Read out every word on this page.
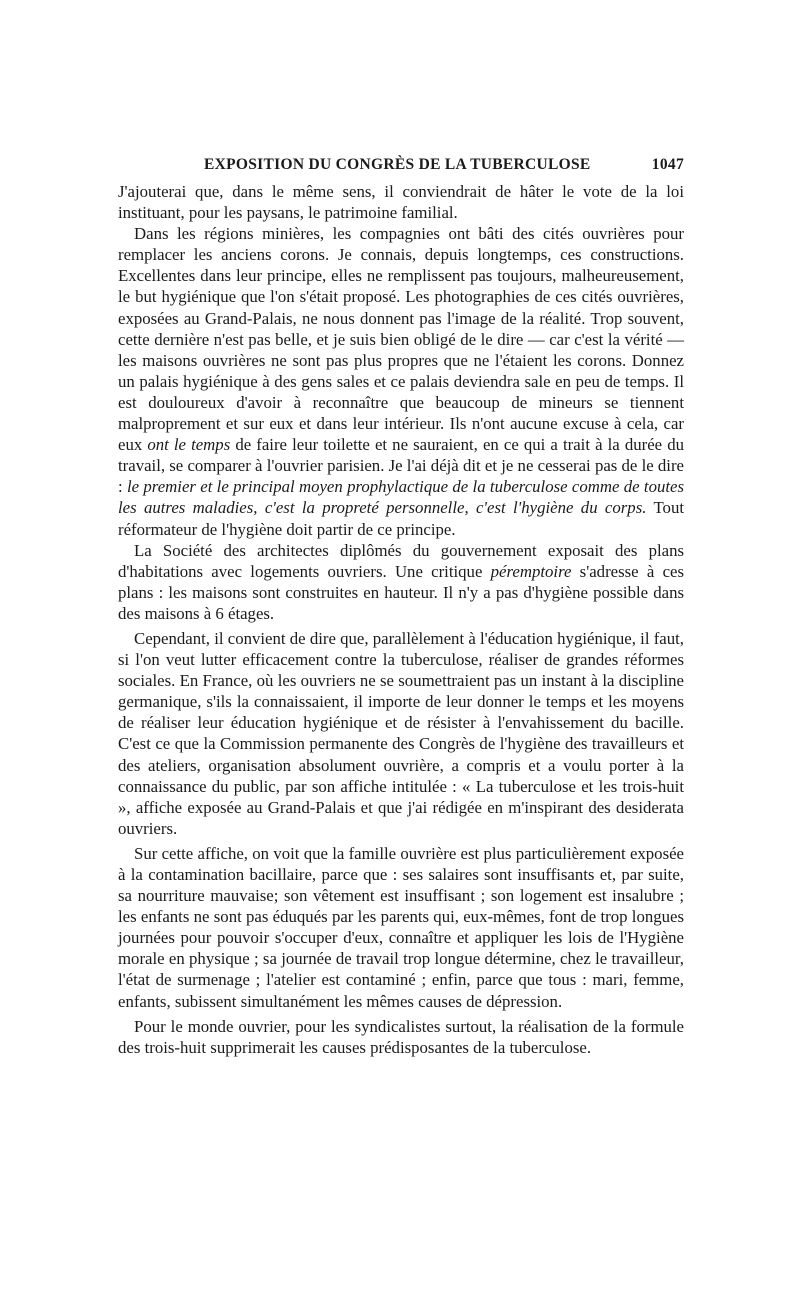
EXPOSITION DU CONGRÈS DE LA TUBERCULOSE	1047

J'ajouterai que, dans le même sens, il conviendrait de hâter le vote de la loi instituant, pour les paysans, le patrimoine familial.

Dans les régions minières, les compagnies ont bâti des cités ouvrières pour remplacer les anciens corons. Je connais, depuis longtemps, ces constructions. Excellentes dans leur principe, elles ne remplissent pas toujours, malheureusement, le but hygiénique que l'on s'était proposé. Les photographies de ces cités ouvrières, exposées au Grand-Palais, ne nous donnent pas l'image de la réalité. Trop souvent, cette dernière n'est pas belle, et je suis bien obligé de le dire — car c'est la vérité — les maisons ouvrières ne sont pas plus propres que ne l'étaient les corons. Donnez un palais hygiénique à des gens sales et ce palais deviendra sale en peu de temps. Il est douloureux d'avoir à reconnaître que beaucoup de mineurs se tiennent malproprement et sur eux et dans leur intérieur. Ils n'ont aucune excuse à cela, car eux ont le temps de faire leur toilette et ne sauraient, en ce qui a trait à la durée du travail, se comparer à l'ouvrier parisien. Je l'ai déjà dit et je ne cesserai pas de le dire : le premier et le principal moyen prophylactique de la tuberculose comme de toutes les autres maladies, c'est la propreté personnelle, c'est l'hygiène du corps. Tout réformateur de l'hygiène doit partir de ce principe.

La Société des architectes diplômés du gouvernement exposait des plans d'habitations avec logements ouvriers. Une critique péremptoire s'adresse à ces plans : les maisons sont construites en hauteur. Il n'y a pas d'hygiène possible dans des maisons à 6 étages.

Cependant, il convient de dire que, parallèlement à l'éducation hygiénique, il faut, si l'on veut lutter efficacement contre la tuberculose, réaliser de grandes réformes sociales. En France, où les ouvriers ne se soumettraient pas un instant à la discipline germanique, s'ils la connaissaient, il importe de leur donner le temps et les moyens de réaliser leur éducation hygiénique et de résister à l'envahissement du bacille. C'est ce que la Commission permanente des Congrès de l'hygiène des travailleurs et des ateliers, organisation absolument ouvrière, a compris et a voulu porter à la connaissance du public, par son affiche intitulée : « La tuberculose et les trois-huit », affiche exposée au Grand-Palais et que j'ai rédigée en m'inspirant des desiderata ouvriers.

Sur cette affiche, on voit que la famille ouvrière est plus particulièrement exposée à la contamination bacillaire, parce que : ses salaires sont insuffisants et, par suite, sa nourriture mauvaise; son vêtement est insuffisant ; son logement est insalubre ; les enfants ne sont pas éduqués par les parents qui, eux-mêmes, font de trop longues journées pour pouvoir s'occuper d'eux, connaître et appliquer les lois de l'Hygiène morale en physique ; sa journée de travail trop longue détermine, chez le travailleur, l'état de surmenage ; l'atelier est contaminé ; enfin, parce que tous : mari, femme, enfants, subissent simultanément les mêmes causes de dépression.

Pour le monde ouvrier, pour les syndicalistes surtout, la réalisation de la formule des trois-huit supprimerait les causes prédisposantes de la tuberculose.
